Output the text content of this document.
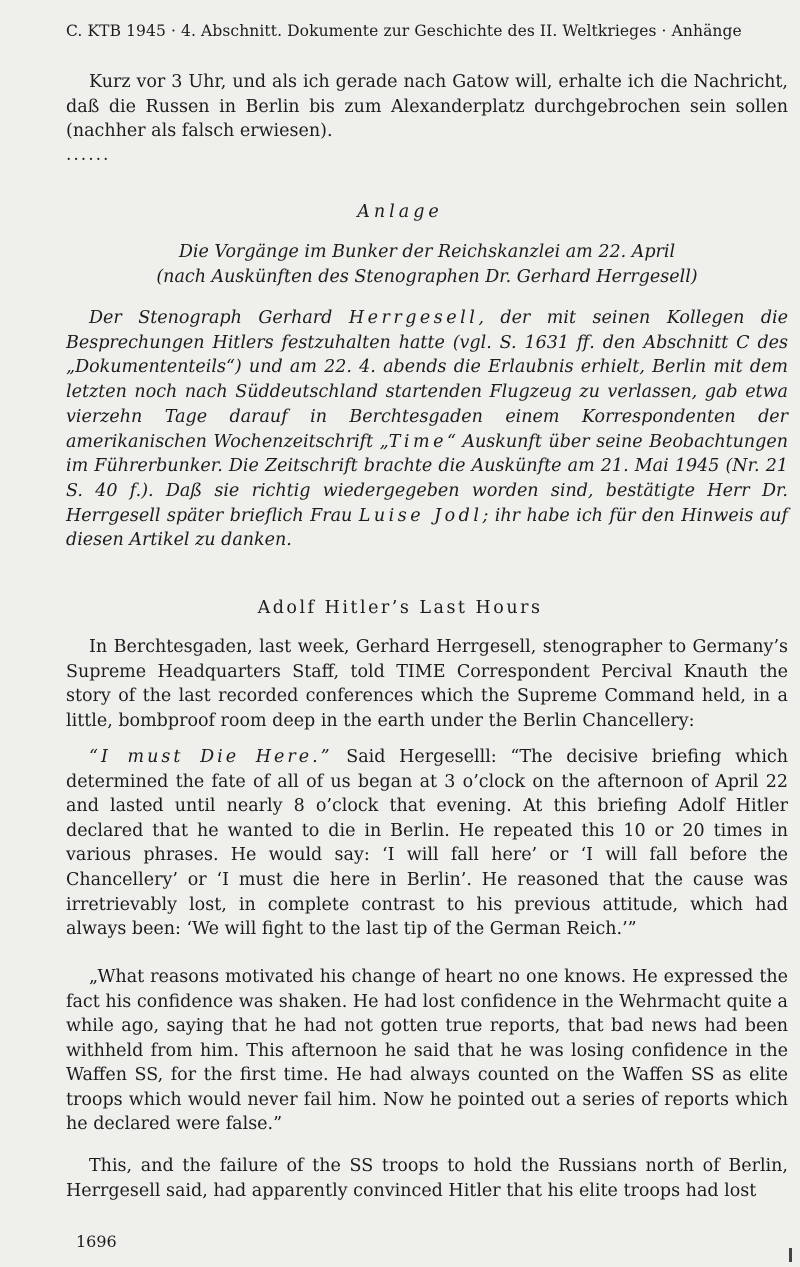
C. KTB 1945 · 4. Abschnitt. Dokumente zur Geschichte des II. Weltkrieges · Anhänge
Kurz vor 3 Uhr, und als ich gerade nach Gatow will, erhalte ich die Nachricht, daß die Russen in Berlin bis zum Alexanderplatz durchgebrochen sein sollen (nachher als falsch erwiesen).
......
Anlage
Die Vorgänge im Bunker der Reichskanzlei am 22. April
(nach Auskünften des Stenographen Dr. Gerhard Herrgesell)
Der Stenograph Gerhard Herrgesell, der mit seinen Kollegen die Besprechungen Hitlers festzuhalten hatte (vgl. S. 1631 ff. den Abschnitt C des „Dokumententeils“) und am 22. 4. abends die Erlaubnis erhielt, Berlin mit dem letzten noch nach Süddeutschland startenden Flugzeug zu verlassen, gab etwa vierzehn Tage darauf in Berchtesgaden einem Korrespondenten der amerikanischen Wochenzeitschrift „Time“ Auskunft über seine Beobachtungen im Führerbunker. Die Zeitschrift brachte die Auskünfte am 21. Mai 1945 (Nr. 21 S. 40 f.). Daß sie richtig wiedergegeben worden sind, bestätigte Herr Dr. Herrgesell später brieflich Frau Luise Jodl; ihr habe ich für den Hinweis auf diesen Artikel zu danken.
Adolf Hitler’s Last Hours
In Berchtesgaden, last week, Gerhard Herrgesell, stenographer to Germany’s Supreme Headquarters Staff, told TIME Correspondent Percival Knauth the story of the last recorded conferences which the Supreme Command held, in a little, bombproof room deep in the earth under the Berlin Chancellery:
“I must Die Here.” Said Hergeselll: “The decisive briefing which determined the fate of all of us began at 3 o’clock on the afternoon of April 22 and lasted until nearly 8 o’clock that evening. At this briefing Adolf Hitler declared that he wanted to die in Berlin. He repeated this 10 or 20 times in various phrases. He would say: ‘I will fall here’ or ‘I will fall before the Chancellery’ or ‘I must die here in Berlin’. He reasoned that the cause was irretrievably lost, in complete contrast to his previous attitude, which had always been: ‘We will fight to the last tip of the German Reich.’”
„What reasons motivated his change of heart no one knows. He expressed the fact his confidence was shaken. He had lost confidence in the Wehrmacht quite a while ago, saying that he had not gotten true reports, that bad news had been withheld from him. This afternoon he said that he was losing confidence in the Waffen SS, for the first time. He had always counted on the Waffen SS as elite troops which would never fail him. Now he pointed out a series of reports which he declared were false.”
This, and the failure of the SS troops to hold the Russians north of Berlin, Herrgesell said, had apparently convinced Hitler that his elite troops had lost
1696
